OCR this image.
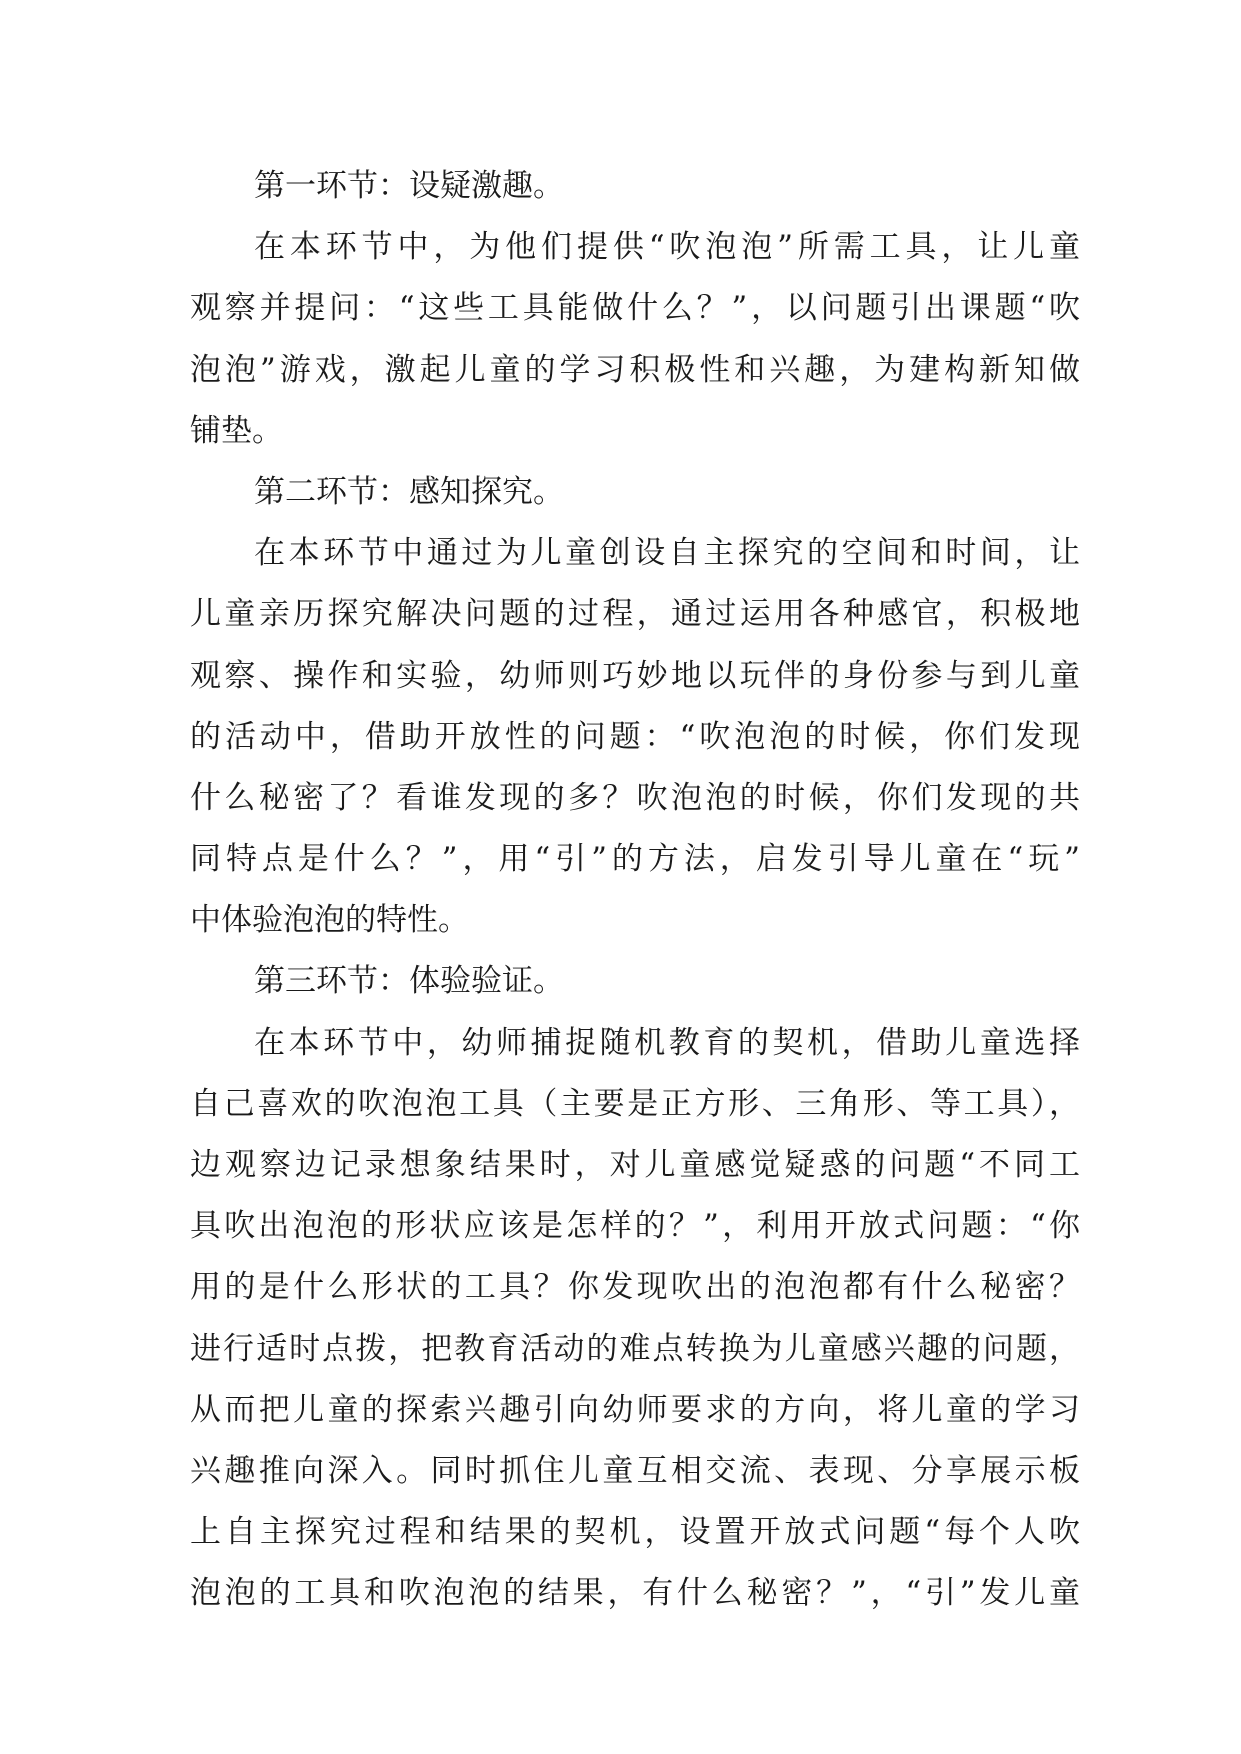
第一环节：设疑激趣。
在本环节中，为他们提供“吹泡泡”所需工具，让儿童
观察并提问：“这些工具能做什么？”，以问题引出课题“吹
泡泡”游戏，激起儿童的学习积极性和兴趣，为建构新知做
铺垫。
第二环节：感知探究。
在本环节中通过为儿童创设自主探究的空间和时间，让
儿童亲历探究解决问题的过程，通过运用各种感官，积极地
观察、操作和实验，幼师则巧妙地以玩伴的身份参与到儿童
的活动中，借助开放性的问题：“吹泡泡的时候，你们发现
什么秘密了？看谁发现的多？吹泡泡的时候，你们发现的共
同特点是什么？”，用“引”的方法，启发引导儿童在“玩”
中体验泡泡的特性。
第三环节：体验验证。
在本环节中，幼师捕捉随机教育的契机，借助儿童选择
自己喜欢的吹泡泡工具（主要是正方形、三角形、等工具），
边观察边记录想象结果时，对儿童感觉疑惑的问题“不同工
具吹出泡泡的形状应该是怎样的？”，利用开放式问题：“你
用的是什么形状的工具？你发现吹出的泡泡都有什么秘密？
进行适时点拨，把教育活动的难点转换为儿童感兴趣的问题，
从而把儿童的探索兴趣引向幼师要求的方向，将儿童的学习
兴趣推向深入。同时抓住儿童互相交流、表现、分享展示板
上自主探究过程和结果的契机，设置开放式问题“每个人吹
泡泡的工具和吹泡泡的结果，有什么秘密？”，“引”发儿童
